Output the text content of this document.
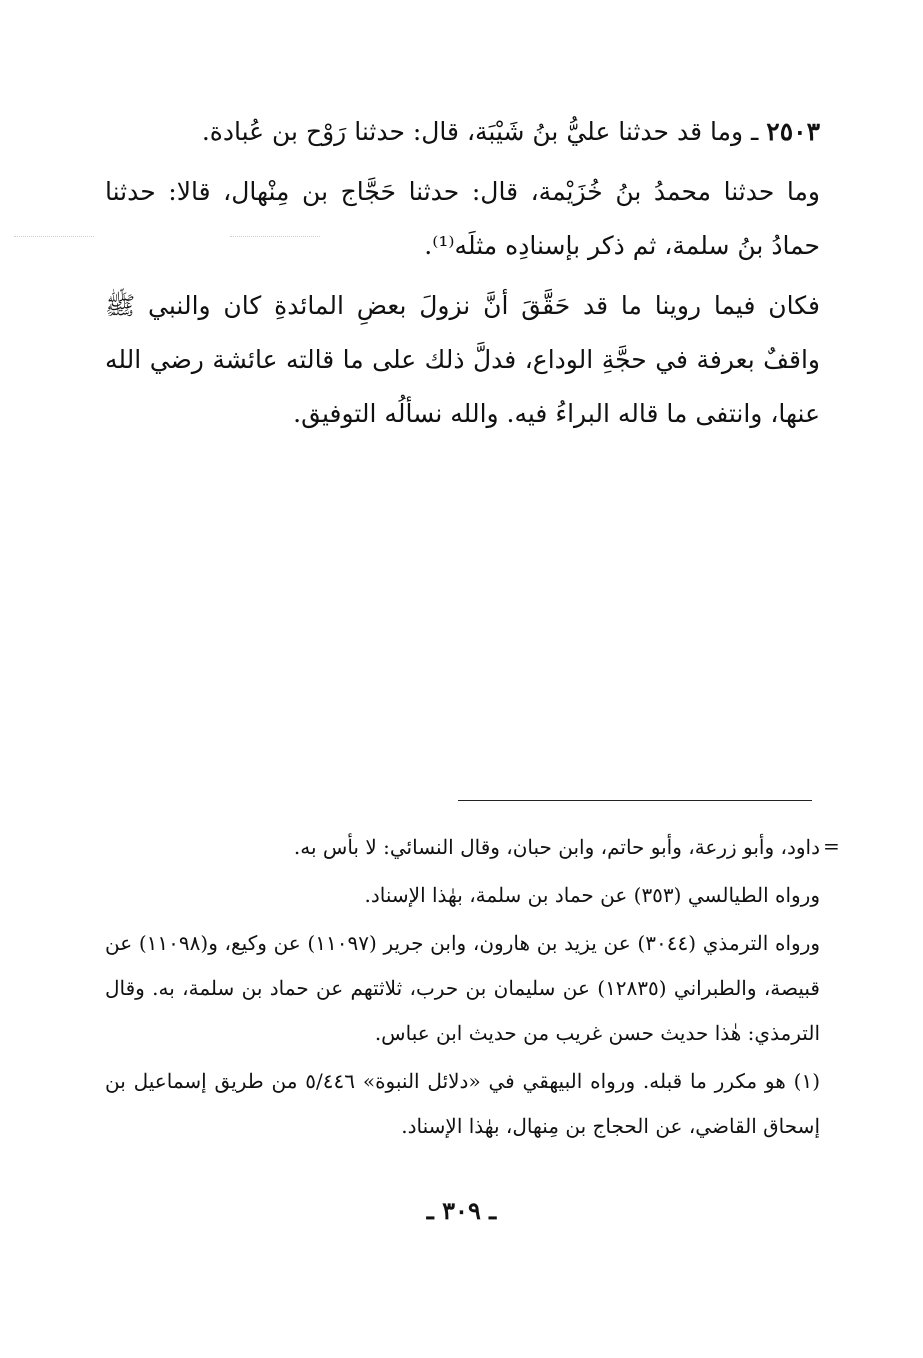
٢٥٠٣ ـ وما قد حدثنا عليُّ بنُ شَيْبَة، قال: حدثنا رَوْح بن عُبادة.

وما حدثنا محمدُ بنُ خُزَيْمة، قال: حدثنا حَجَّاج بن مِنْهال، قالا: حدثنا حمادُ بنُ سلمة، ثم ذكر بإسنادِه مثلَه⁽¹⁾.

فكان فيما روينا ما قد حَقَّقَ أنَّ نزولَ بعضِ المائدةِ كان والنبي ﷺ واقفٌ بعرفة في حجَّةِ الوداع، فدلَّ ذلك على ما قالته عائشة رضي الله عنها، وانتفى ما قاله البراءُ فيه. والله نسألُه التوفيق.

=

داود، وأبو زرعة، وأبو حاتم، وابن حبان، وقال النسائي: لا بأس به.

ورواه الطيالسي (٣٥٣) عن حماد بن سلمة، بهٰذا الإسناد.

ورواه الترمذي (٣٠٤٤) عن يزيد بن هارون، وابن جرير (١١٠٩٧) عن وكيع، و(١١٠٩٨) عن قبيصة، والطبراني (١٢٨٣٥) عن سليمان بن حرب، ثلاثتهم عن حماد بن سلمة، به. وقال الترمذي: هٰذا حديث حسن غريب من حديث ابن عباس.

(١) هو مكرر ما قبله. ورواه البيهقي في «دلائل النبوة» ٥/٤٤٦ من طريق إسماعيل بن إسحاق القاضي، عن الحجاج بن مِنهال، بهٰذا الإسناد.

ـ ٣٠٩ ـ
